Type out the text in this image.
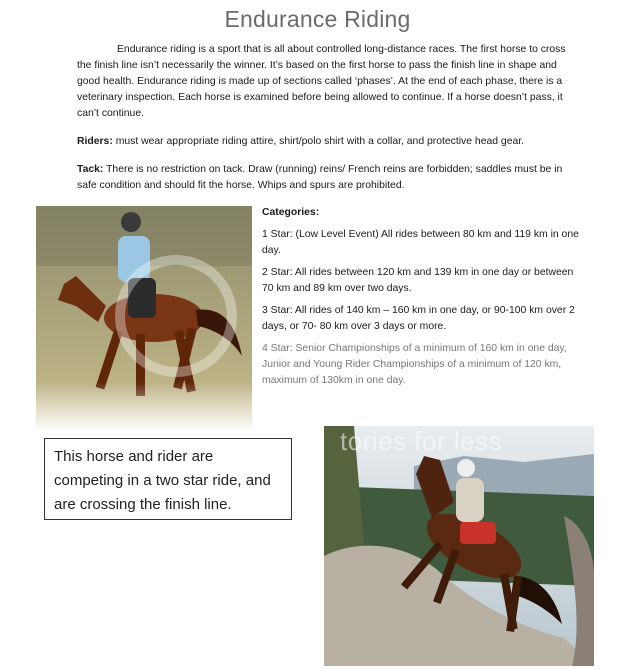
Endurance Riding

Endurance riding is a sport that is all about controlled long-distance races. The first horse to cross the finish line isn’t necessarily the winner. It’s based on the first horse to pass the finish line in shape and good health. Endurance riding is made up of sections called ‘phases’. At the end of each phase, there is a veterinary inspection. Each horse is examined before being allowed to continue. If a horse doesn’t pass, it can’t continue.

Riders: must wear appropriate riding attire, shirt/polo shirt with a collar, and protective head gear.

Tack: There is no restriction on tack. Draw (running) reins/ French reins are forbidden; saddles must be in safe condition and should fit the horse. Whips and spurs are prohibited.

Categories:
1 Star: (Low Level Event) All rides between 80 km and 119 km in one day.
2 Star: All rides between 120 km and 139 km in one day or between 70 km and 89 km over two days.
3 Star: All rides of 140 km – 160 km in one day, or 90-100 km over 2 days, or 70- 80 km over 3 days or more.
4 Star: Senior Championships of a minimum of 160 km in one day, Junior and Young Rider Championships of a minimum of 120 km, maximum of 130km in one day.
This horse and rider are competing in a two star ride, and are crossing the finish line.
tories for less
